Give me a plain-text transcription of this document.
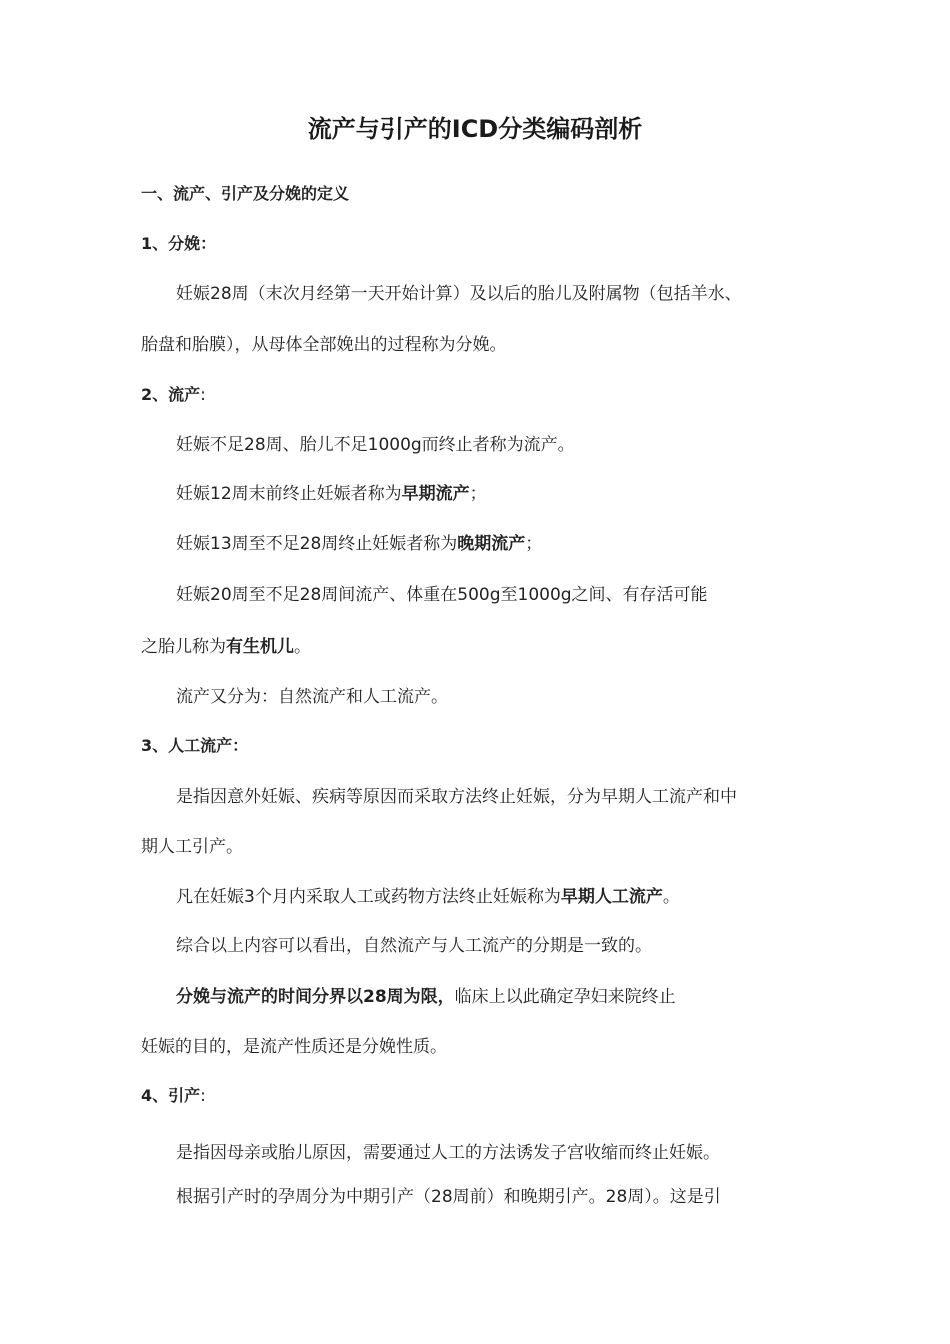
流产与引产的ICD分类编码剖析
一、流产、引产及分娩的定义
1、分娩：
妊娠28周（末次月经第一天开始计算）及以后的胎儿及附属物（包括羊水、
胎盘和胎膜），从母体全部娩出的过程称为分娩。
2、流产:
妊娠不足28周、胎儿不足1000g而终止者称为流产。
妊娠12周末前终止妊娠者称为早期流产；
妊娠13周至不足28周终止妊娠者称为晚期流产；
妊娠20周至不足28周间流产、体重在500g至1000g之间、有存活可能
之胎儿称为有生机儿。
流产又分为：自然流产和人工流产。
3、人工流产：
是指因意外妊娠、疾病等原因而采取方法终止妊娠，分为早期人工流产和中
期人工引产。
凡在妊娠3个月内采取人工或药物方法终止妊娠称为早期人工流产。
综合以上内容可以看出，自然流产与人工流产的分期是一致的。
分娩与流产的时间分界以28周为限，临床上以此确定孕妇来院终止
妊娠的目的，是流产性质还是分娩性质。
4、引产:
是指因母亲或胎儿原因，需要通过人工的方法诱发子宫收缩而终止妊娠。
根据引产时的孕周分为中期引产（28周前）和晚期引产。28周）。这是引
